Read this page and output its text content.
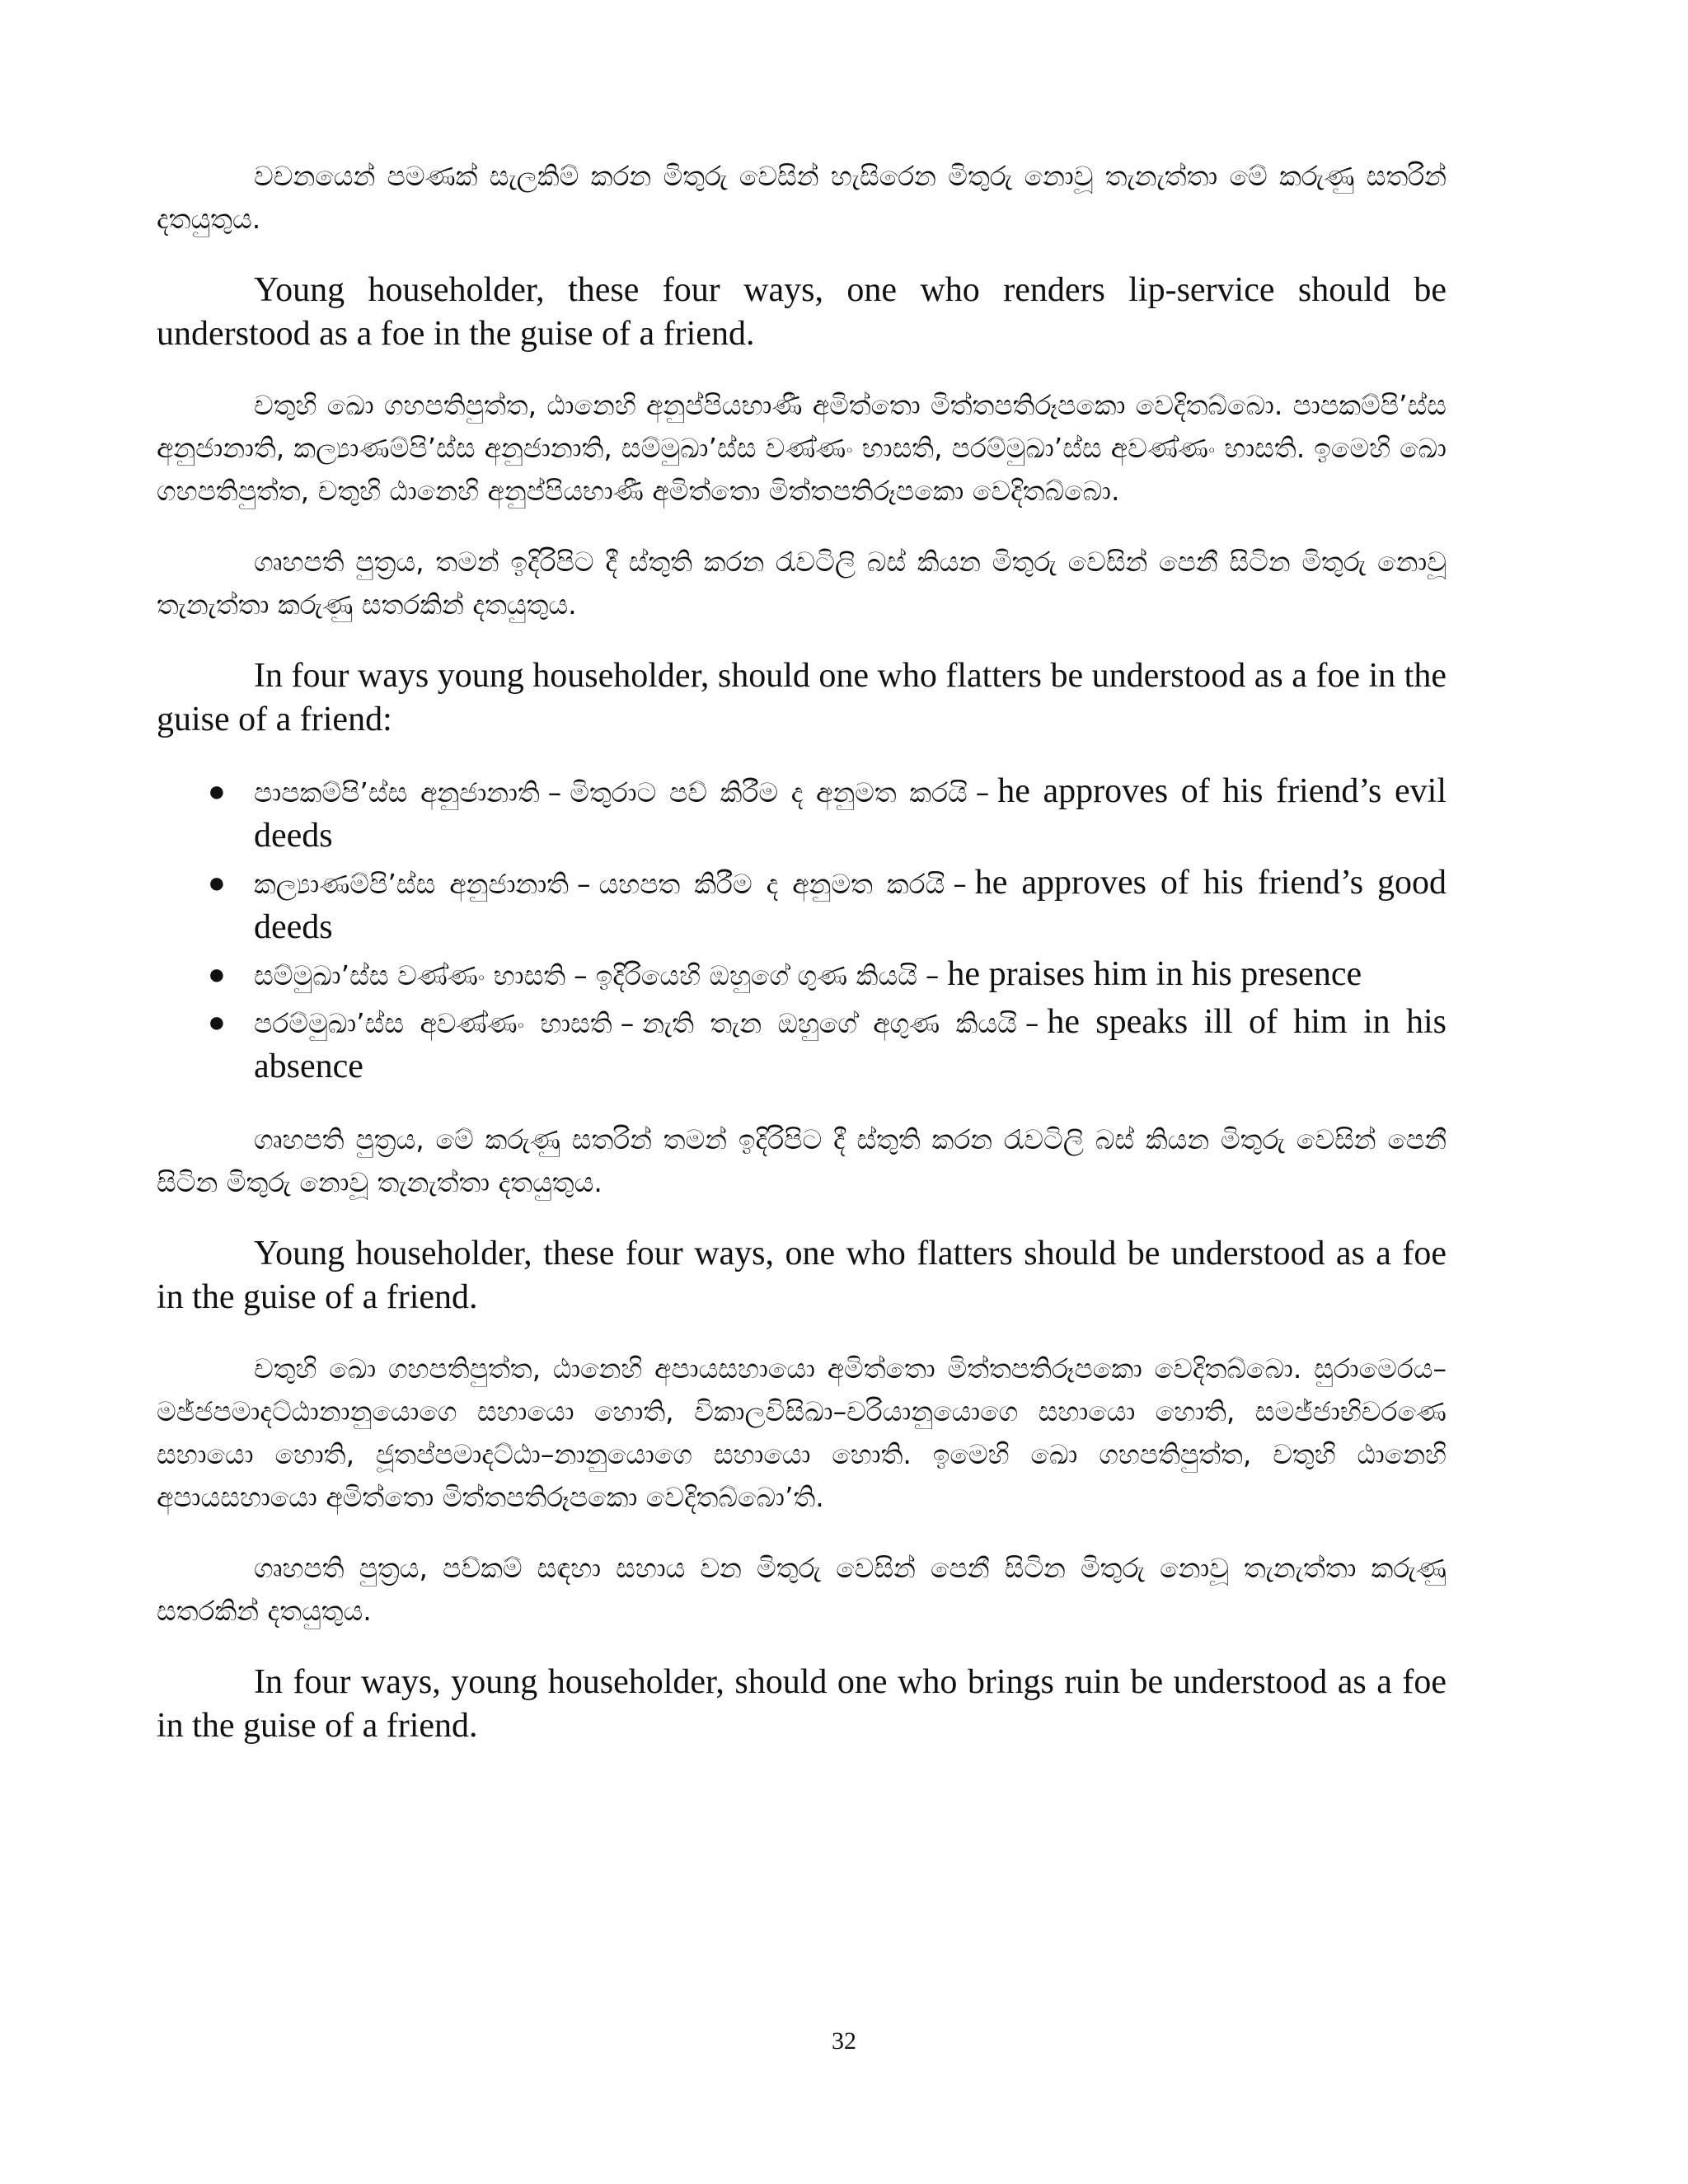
වචනයෙන් පමණක් සැලකිම් කරන මිතුරු වෙසින් හැසිරෙන මිතුරු නොවූ තැනැත්තා මේ කරුණු සතරින් දතයුතුය.

Young householder, these four ways, one who renders lip-service should be understood as a foe in the guise of a friend.

චතුහි ඛො ගහපතිපුත්ත, ඨානෙහි අනුප්පියභාණී අමිත්තො මිත්තපතිරූපකො වෙදිතබ්බො. පාපකම්පි’ස්ස අනුජානාති, කල්‍යාණම්පි’ස්ස අනුජානාති, සම්මුඛා’ස්ස වණ්ණං භාසති, පරම්මුඛා’ස්ස අවණ්ණං භාසති. ඉමෙහි ඛො ගහපතිපුත්ත, චතුහි ඨානෙහි අනුප්පියභාණී අමිත්තො මිත්තපතිරූපකො වෙදිතබ්බො.

ගෘහපති පුත්‍රය, තමන් ඉදිරිපිට දී ස්තුති කරන රැවටිලි බස් කියන මිතුරු වෙසින් පෙනී සිටින මිතුරු නොවූ තැනැත්තා කරුණු සතරකින් දතයුතුය.

In four ways young householder, should one who flatters be understood as a foe in the guise of a friend:

● පාපකම්පි’ස්ස අනුජානාති – මිතුරාට පව් කිරීම ද අනුමත කරයි – he approves of his friend’s evil deeds
● කල්‍යාණම්පි’ස්ස අනුජානාති – යහපත කිරීම ද අනුමත කරයි – he approves of his friend’s good deeds
● සම්මුඛා’ස්ස වණ්ණං භාසති – ඉදිරියෙහි ඔහුගේ ගුණ කියයි – he praises him in his presence
● පරම්මුඛා’ස්ස අවණ්ණං භාසති – නැති තැන ඔහුගේ අගුණ කියයි – he speaks ill of him in his absence

ගෘහපති පුත්‍රය, මේ කරුණු සතරින් තමන් ඉදිරිපිට දී ස්තුති කරන රැවටිලි බස් කියන මිතුරු වෙසින් පෙනී සිටින මිතුරු නොවූ තැනැත්තා දතයුතුය.

Young householder, these four ways, one who flatters should be understood as a foe in the guise of a friend.

චතුහි ඛො ගහපතිපුත්ත, ඨානෙහි අපායසහායො අමිත්තො මිත්තපතිරූපකො වෙදිතබ්බො. සුරාමෙරය–මජ්ජපමාදට්ඨානානුයොගෙ සහායො හොති, විකාලවිසිඛා–චරියානුයොගෙ සහායො හොති, සමජ්ජාභිචරණෙ සහායො හොති, ජූතප්පමාදට්ඨා–නානුයොගෙ සහායො හොති. ඉමෙහි ඛො ගහපතිපුත්ත, චතුහි ඨානෙහි අපායසහායො අමිත්තො මිත්තපතිරූපකො වෙදිතබ්බො’ති.

ගෘහපති පුත්‍රය, පව්කම් සඳහා සහාය වන මිතුරු වෙසින් පෙනී සිටින මිතුරු නොවූ තැනැත්තා කරුණු සතරකින් දතයුතුය.

In four ways, young householder, should one who brings ruin be understood as a foe in the guise of a friend.

32
